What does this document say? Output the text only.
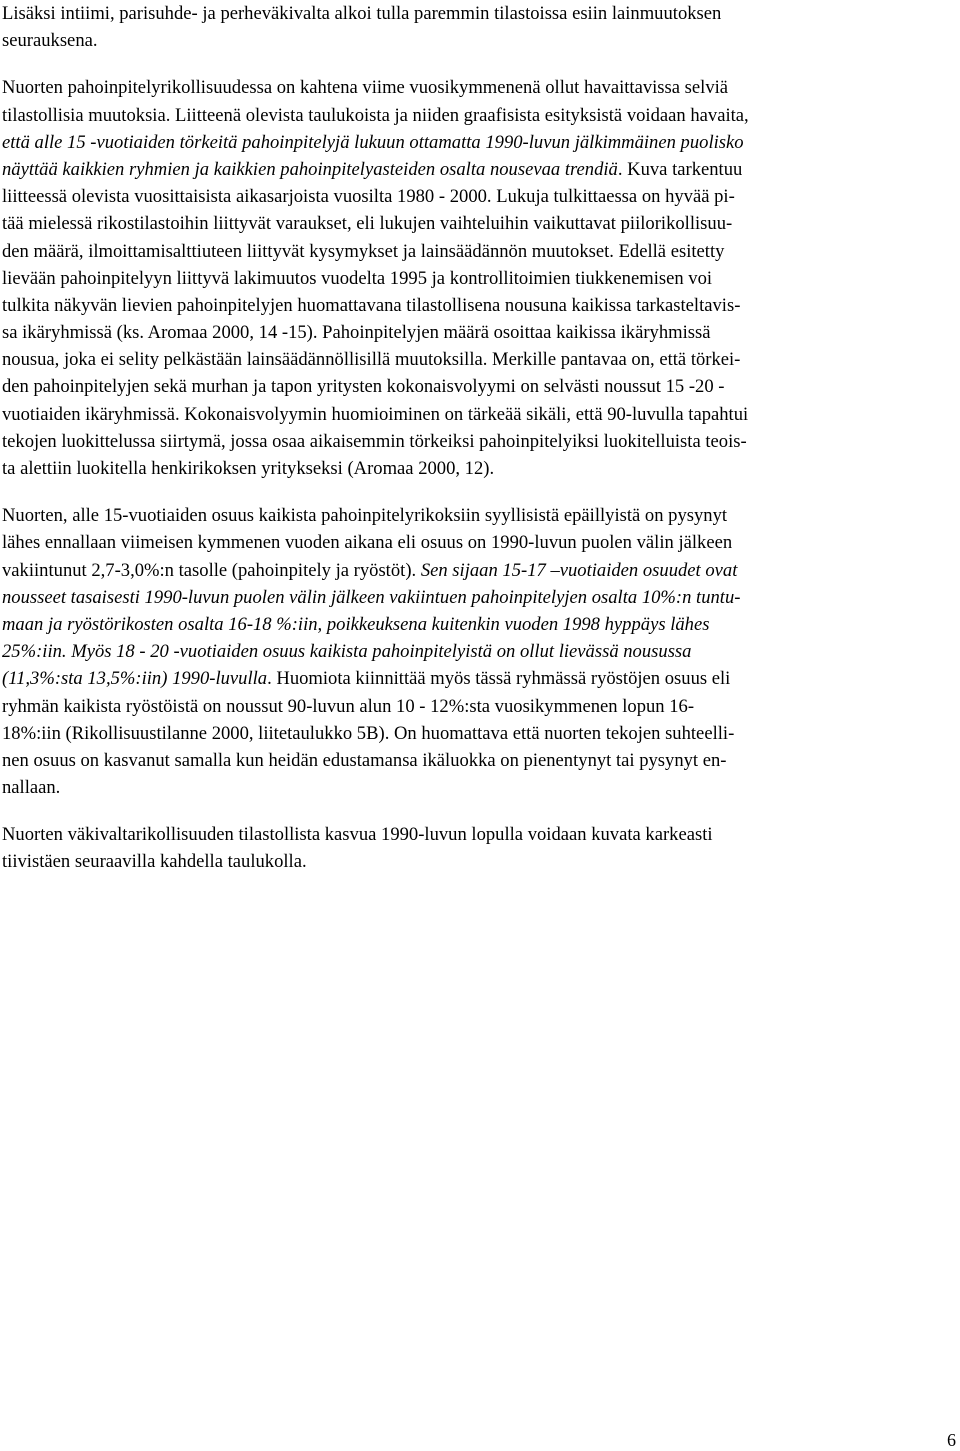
Lisäksi intiimi, parisuhde- ja perheväkivalta alkoi tulla paremmin tilastoissa esiin lainmuutoksen
seurauksena.
Nuorten pahoinpitelyrikollisuudessa on kahtena viime vuosikymmenenä ollut havaittavissa selviä
tilastollisia muutoksia. Liitteenä olevista taulukoista ja niiden graafisista esityksistä voidaan havaita,
että alle 15 -vuotiaiden törkeitä pahoinpitelyjä lukuun ottamatta 1990-luvun jälkimmäinen puolisko
näyttää kaikkien ryhmien ja kaikkien pahoinpitelyasteiden osalta nousevaa trendiä. Kuva tarkentuu
liitteessä olevista vuosittaisista aikasarjoista vuosilta 1980 - 2000. Lukuja tulkittaessa on hyvää pi-
tää mielessä rikostilastoihin liittyvät varaukset, eli lukujen vaihteluihin vaikuttavat piilorikollisuu-
den määrä, ilmoittamisalttiuteen liittyvät kysymykset ja lainsäädännön muutokset. Edellä esitetty
lievään pahoinpitelyyn liittyvä lakimuutos vuodelta 1995 ja kontrollitoimien tiukkenemisen voi
tulkita näkyvän lievien pahoinpitelyjen huomattavana tilastollisena nousuna kaikissa tarkasteltavis-
sa ikäryhmissä (ks. Aromaa 2000, 14 -15). Pahoinpitelyjen määrä osoittaa kaikissa ikäryhmissä
nousua, joka ei selity pelkästään lainsäädännöllisillä muutoksilla. Merkille pantavaa on, että törkei-
den pahoinpitelyjen sekä murhan ja tapon yritysten kokonaisvolyymi on selvästi noussut 15 -20 -
vuotiaiden ikäryhmissä. Kokonaisvolyymin huomioiminen on tärkeää sikäli, että 90-luvulla tapahtui
tekojen luokittelussa siirtymä, jossa osaa aikaisemmin törkeiksi pahoinpitelyiksi luokitelluista teois-
ta alettiin luokitella henkirikoksen yritykseksi (Aromaa 2000, 12).
Nuorten, alle 15-vuotiaiden osuus kaikista pahoinpitelyrikoksiin syyllisistä epäillyistä on pysynyt
lähes ennallaan viimeisen kymmenen vuoden aikana eli osuus on 1990-luvun puolen välin jälkeen
vakiintunut 2,7-3,0%:n tasolle (pahoinpitely ja ryöstöt). Sen sijaan 15-17 –vuotiaiden osuudet ovat
nousseet tasaisesti 1990-luvun puolen välin jälkeen vakiintuen pahoinpitelyjen osalta 10%:n tuntu-
maan ja ryöstörikosten osalta 16-18 %:iin, poikkeuksena kuitenkin vuoden 1998 hyppäys lähes
25%:iin. Myös 18 - 20 -vuotiaiden osuus kaikista pahoinpitelyistä on ollut lievässä nousussa
(11,3%:sta 13,5%:iin) 1990-luvulla. Huomiota kiinnittää myös tässä ryhmässä ryöstöjen osuus eli
ryhmän kaikista ryöstöistä on noussut 90-luvun alun 10 - 12%:sta vuosikymmenen lopun 16-
18%:iin (Rikollisuustilanne 2000, liitetaulukko 5B). On huomattava että nuorten tekojen suhteelli-
nen osuus on kasvanut samalla kun heidän edustamansa ikäluokka on pienentynyt tai pysynyt en-
nallaan.
Nuorten väkivaltarikollisuuden tilastollista kasvua 1990-luvun lopulla voidaan kuvata karkeasti
tiivistäen seuraavilla kahdella taulukolla.
6
